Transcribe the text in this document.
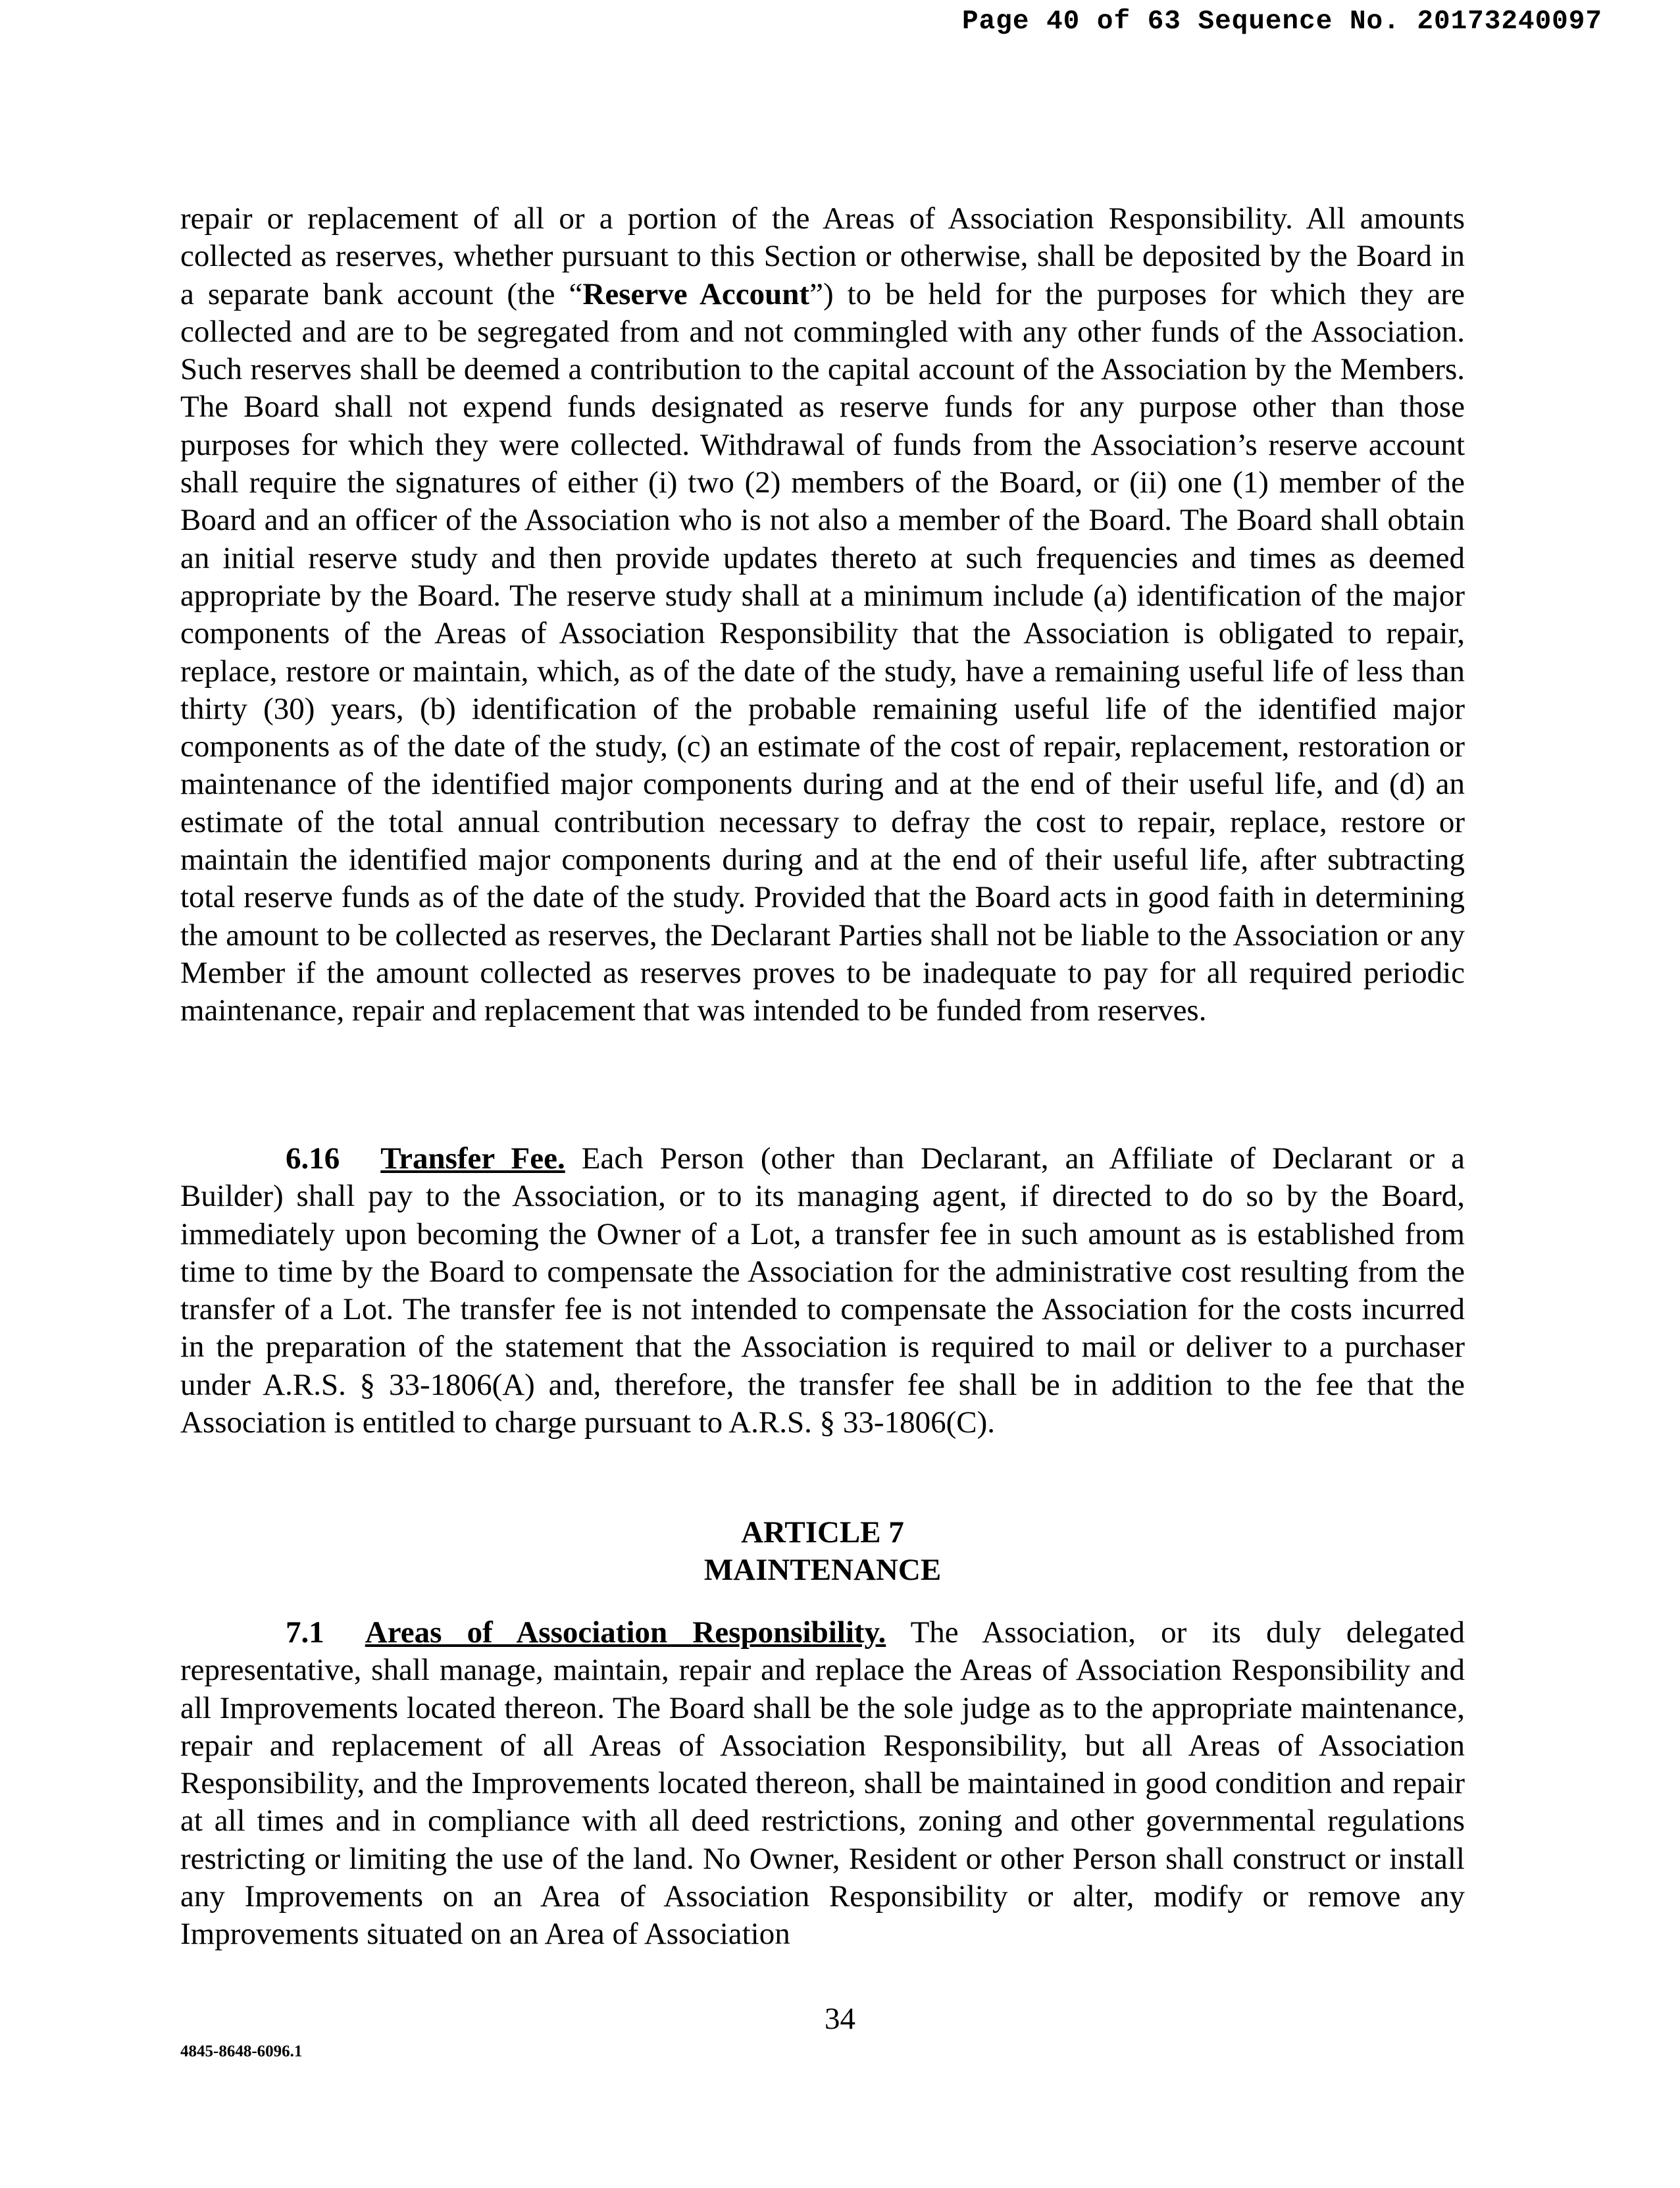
Page 40 of 63 Sequence No. 20173240097

repair or replacement of all or a portion of the Areas of Association Responsibility. All amounts collected as reserves, whether pursuant to this Section or otherwise, shall be deposited by the Board in a separate bank account (the “Reserve Account”) to be held for the purposes for which they are collected and are to be segregated from and not commingled with any other funds of the Association. Such reserves shall be deemed a contribution to the capital account of the Association by the Members. The Board shall not expend funds designated as reserve funds for any purpose other than those purposes for which they were collected. Withdrawal of funds from the Association’s reserve account shall require the signatures of either (i) two (2) members of the Board, or (ii) one (1) member of the Board and an officer of the Association who is not also a member of the Board. The Board shall obtain an initial reserve study and then provide updates thereto at such frequencies and times as deemed appropriate by the Board. The reserve study shall at a minimum include (a) identification of the major components of the Areas of Association Responsibility that the Association is obligated to repair, replace, restore or maintain, which, as of the date of the study, have a remaining useful life of less than thirty (30) years, (b) identification of the probable remaining useful life of the identified major components as of the date of the study, (c) an estimate of the cost of repair, replacement, restoration or maintenance of the identified major components during and at the end of their useful life, and (d) an estimate of the total annual contribution necessary to defray the cost to repair, replace, restore or maintain the identified major components during and at the end of their useful life, after subtracting total reserve funds as of the date of the study. Provided that the Board acts in good faith in determining the amount to be collected as reserves, the Declarant Parties shall not be liable to the Association or any Member if the amount collected as reserves proves to be inadequate to pay for all required periodic maintenance, repair and replacement that was intended to be funded from reserves.

6.16 Transfer Fee. Each Person (other than Declarant, an Affiliate of Declarant or a Builder) shall pay to the Association, or to its managing agent, if directed to do so by the Board, immediately upon becoming the Owner of a Lot, a transfer fee in such amount as is established from time to time by the Board to compensate the Association for the administrative cost resulting from the transfer of a Lot. The transfer fee is not intended to compensate the Association for the costs incurred in the preparation of the statement that the Association is required to mail or deliver to a purchaser under A.R.S. § 33-1806(A) and, therefore, the transfer fee shall be in addition to the fee that the Association is entitled to charge pursuant to A.R.S. § 33-1806(C).

ARTICLE 7
MAINTENANCE

7.1 Areas of Association Responsibility. The Association, or its duly delegated representative, shall manage, maintain, repair and replace the Areas of Association Responsibility and all Improvements located thereon. The Board shall be the sole judge as to the appropriate maintenance, repair and replacement of all Areas of Association Responsibility, but all Areas of Association Responsibility, and the Improvements located thereon, shall be maintained in good condition and repair at all times and in compliance with all deed restrictions, zoning and other governmental regulations restricting or limiting the use of the land. No Owner, Resident or other Person shall construct or install any Improvements on an Area of Association Responsibility or alter, modify or remove any Improvements situated on an Area of Association

34
4845-8648-6096.1
